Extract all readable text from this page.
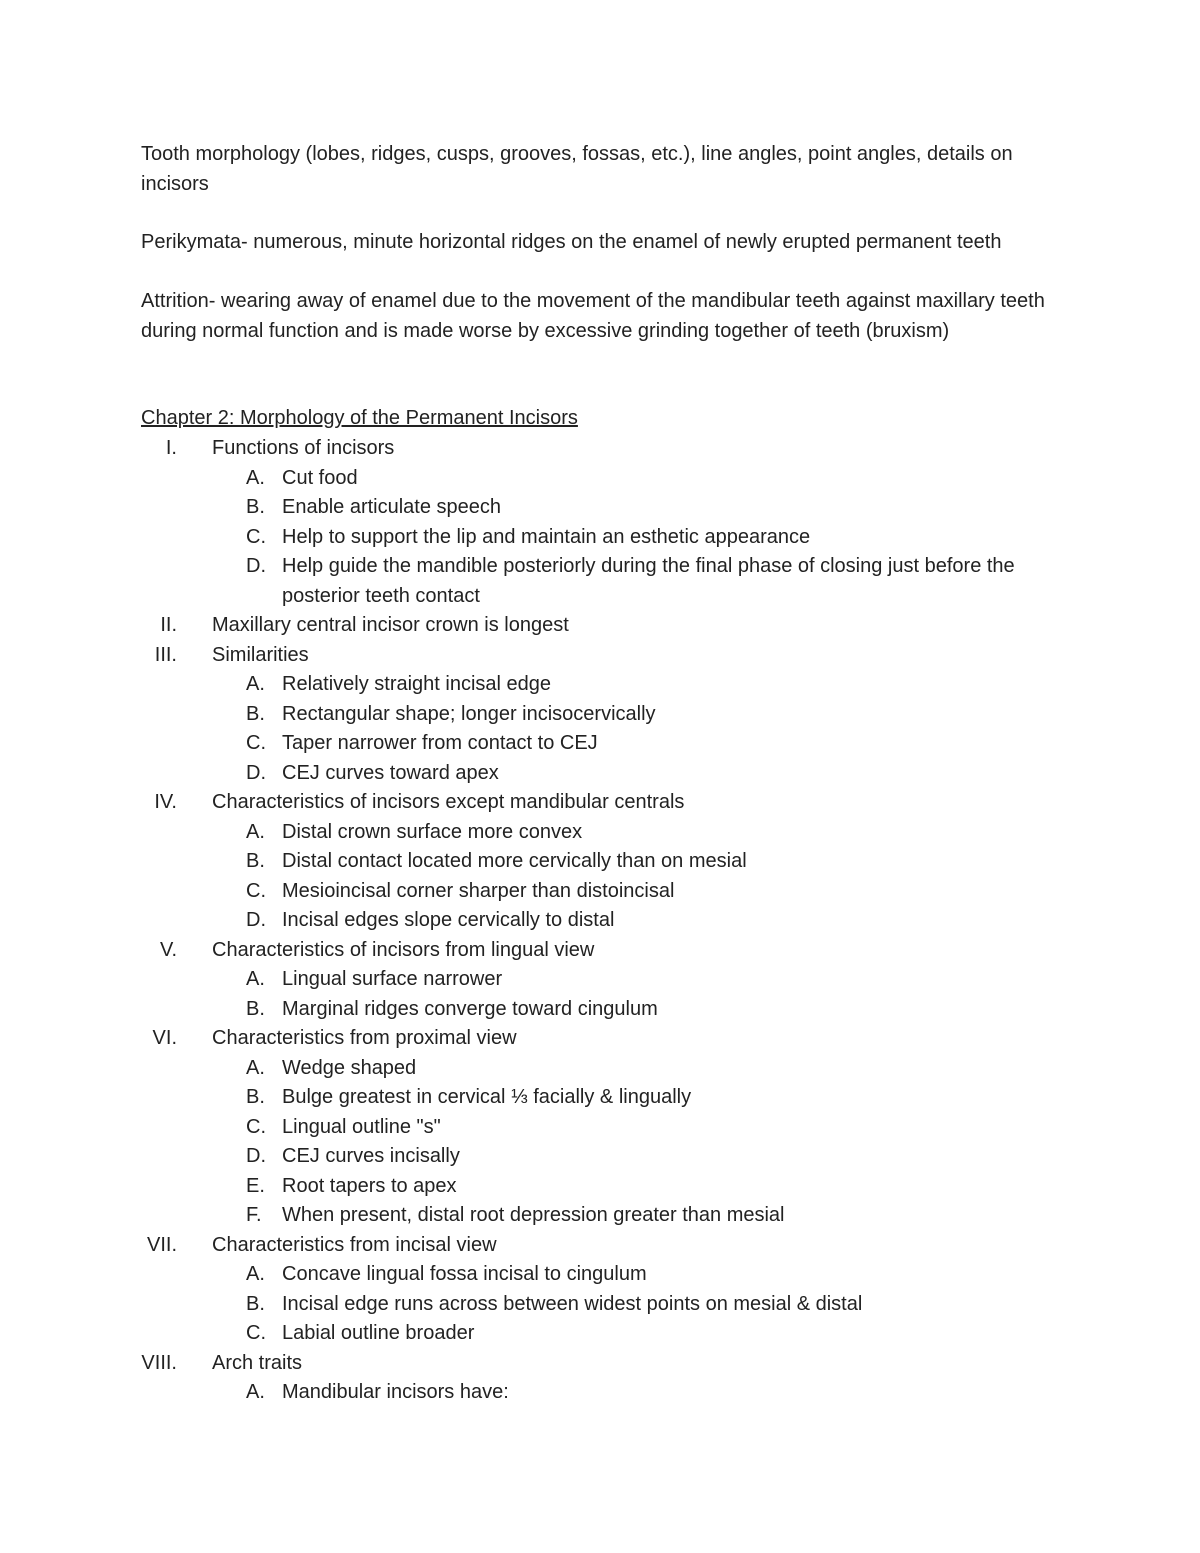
Tooth morphology (lobes, ridges, cusps, grooves, fossas, etc.), line angles, point angles, details on incisors

Perikymata- numerous, minute horizontal ridges on the enamel of newly erupted permanent teeth

Attrition- wearing away of enamel due to the movement of the mandibular teeth against maxillary teeth during normal function and is made worse by excessive grinding together of teeth (bruxism)

Chapter 2: Morphology of the Permanent Incisors

I. Functions of incisors
A. Cut food
B. Enable articulate speech
C. Help to support the lip and maintain an esthetic appearance
D. Help guide the mandible posteriorly during the final phase of closing just before the posterior teeth contact
II. Maxillary central incisor crown is longest
III. Similarities
A. Relatively straight incisal edge
B. Rectangular shape; longer incisocervically
C. Taper narrower from contact to CEJ
D. CEJ curves toward apex
IV. Characteristics of incisors except mandibular centrals
A. Distal crown surface more convex
B. Distal contact located more cervically than on mesial
C. Mesioincisal corner sharper than distoincisal
D. Incisal edges slope cervically to distal
V. Characteristics of incisors from lingual view
A. Lingual surface narrower
B. Marginal ridges converge toward cingulum
VI. Characteristics from proximal view
A. Wedge shaped
B. Bulge greatest in cervical ⅓ facially & lingually
C. Lingual outline "s"
D. CEJ curves incisally
E. Root tapers to apex
F. When present, distal root depression greater than mesial
VII. Characteristics from incisal view
A. Concave lingual fossa incisal to cingulum
B. Incisal edge runs across between widest points on mesial & distal
C. Labial outline broader
VIII. Arch traits
A. Mandibular incisors have:
